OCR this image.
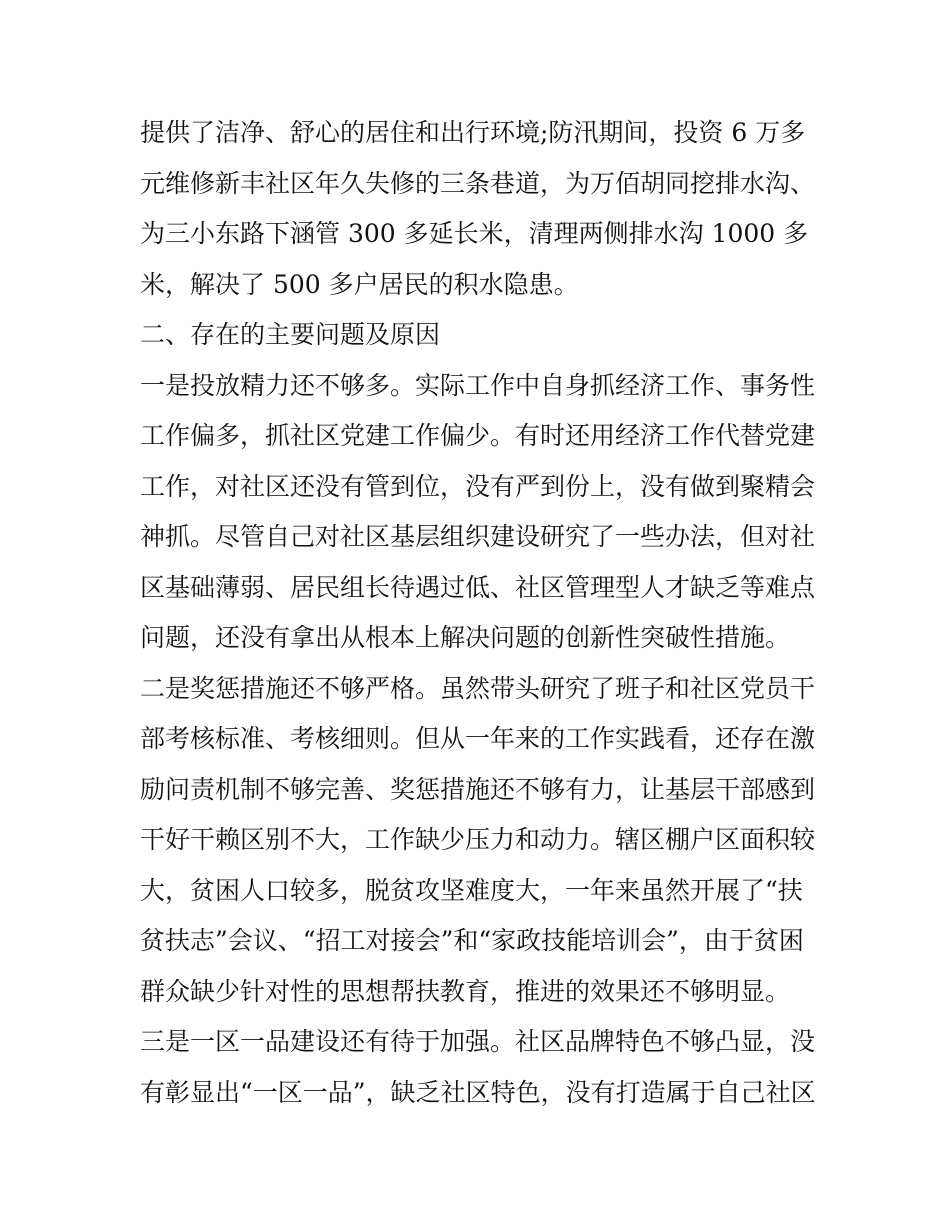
提供了洁净、舒心的居住和出行环境;防汛期间，投资 6 万多
元维修新丰社区年久失修的三条巷道，为万佰胡同挖排水沟、
为三小东路下涵管 300 多延长米，清理两侧排水沟 1000 多
米，解决了 500 多户居民的积水隐患。
二、存在的主要问题及原因
一是投放精力还不够多。实际工作中自身抓经济工作、事务性
工作偏多，抓社区党建工作偏少。有时还用经济工作代替党建
工作，对社区还没有管到位，没有严到份上，没有做到聚精会
神抓。尽管自己对社区基层组织建设研究了一些办法，但对社
区基础薄弱、居民组长待遇过低、社区管理型人才缺乏等难点
问题，还没有拿出从根本上解决问题的创新性突破性措施。
二是奖惩措施还不够严格。虽然带头研究了班子和社区党员干
部考核标准、考核细则。但从一年来的工作实践看，还存在激
励问责机制不够完善、奖惩措施还不够有力，让基层干部感到
干好干赖区别不大，工作缺少压力和动力。辖区棚户区面积较
大，贫困人口较多，脱贫攻坚难度大，一年来虽然开展了“扶
贫扶志”会议、“招工对接会”和“家政技能培训会”，由于贫困
群众缺少针对性的思想帮扶教育，推进的效果还不够明显。
三是一区一品建设还有待于加强。社区品牌特色不够凸显，没
有彰显出“一区一品”，缺乏社区特色，没有打造属于自己社区
